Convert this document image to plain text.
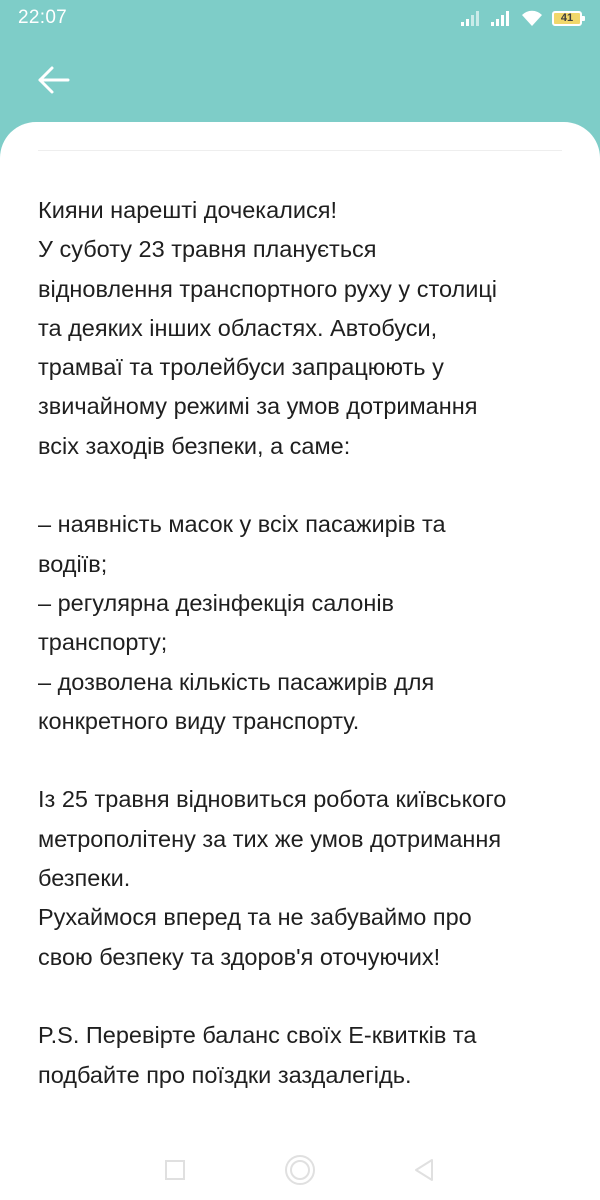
22:07	41

Кияни нарешті дочекалися!

У суботу 23 травня планується

відновлення транспортного руху у столиці

та деяких інших областях. Автобуси,

трамваї та тролейбуси запрацюють у

звичайному режимі за умов дотримання

всіх заходів безпеки, а саме:

– наявність масок у всіх пасажирів та

водіїв;

– регулярна дезінфекція салонів

транспорту;

– дозволена кількість пасажирів для

конкретного виду транспорту.

Із 25 травня відновиться робота київського

метрополітену за тих же умов дотримання

безпеки.

Рухаймося вперед та не забуваймо про

свою безпеку та здоров'я оточуючих!

P.S. Перевірте баланс своїх Е-квитків та

подбайте про поїздки заздалегідь.
